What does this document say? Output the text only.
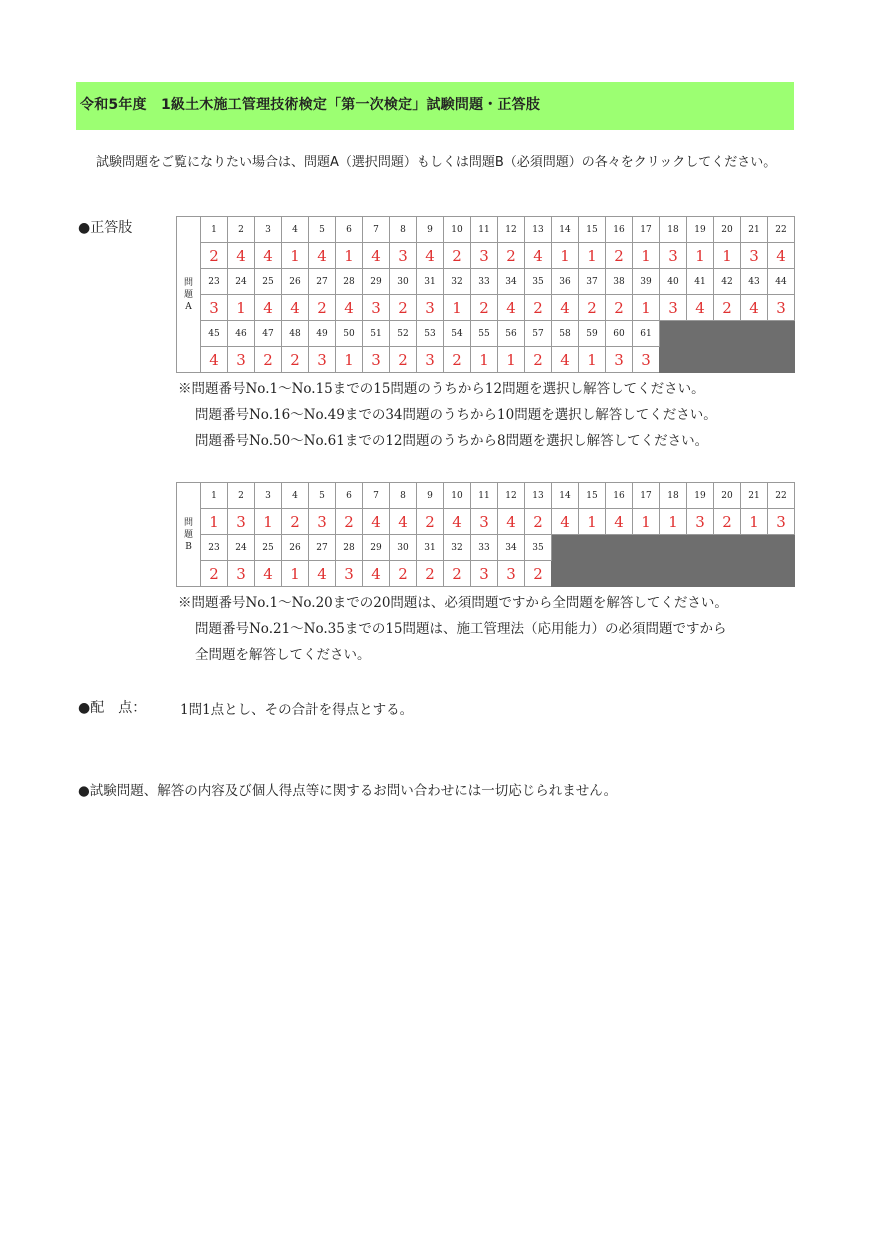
令和5年度　1級土木施工管理技術検定「第一次検定」試験問題・正答肢
試験問題をご覧になりたい場合は、問題A（選択問題）もしくは問題B（必須問題）の各々をクリックしてください。
●正答肢
問
題
A	1	2	3	4	5	6	7	8	9	10	11	12	13	14	15	16	17	18	19	20	21	22
	2	4	4	1	4	1	4	3	4	2	3	2	4	1	1	2	1	3	1	1	3	4
	23	24	25	26	27	28	29	30	31	32	33	34	35	36	37	38	39	40	41	42	43	44
	3	1	4	4	2	4	3	2	3	1	2	4	2	4	2	2	1	3	4	2	4	3
	45	46	47	48	49	50	51	52	53	54	55	56	57	58	59	60	61					
	4	3	2	2	3	1	3	2	3	2	1	1	2	4	1	3	3					
※問題番号No.1〜No.15までの15問題のうちから12問題を選択し解答してください。
問題番号No.16〜No.49までの34問題のうちから10問題を選択し解答してください。
問題番号No.50〜No.61までの12問題のうちから8問題を選択し解答してください。
問
題
B	1	2	3	4	5	6	7	8	9	10	11	12	13	14	15	16	17	18	19	20	21	22
	1	3	1	2	3	2	4	4	2	4	3	4	2	4	1	4	1	1	3	2	1	3
	23	24	25	26	27	28	29	30	31	32	33	34	35									
	2	3	4	1	4	3	4	2	2	2	3	3	2									
※問題番号No.1〜No.20までの20問題は、必須問題ですから全問題を解答してください。
問題番号No.21〜No.35までの15問題は、施工管理法（応用能力）の必須問題ですから
全問題を解答してください。
●配　点：	1問1点とし、その合計を得点とする。
●試験問題、解答の内容及び個人得点等に関するお問い合わせには一切応じられません。
